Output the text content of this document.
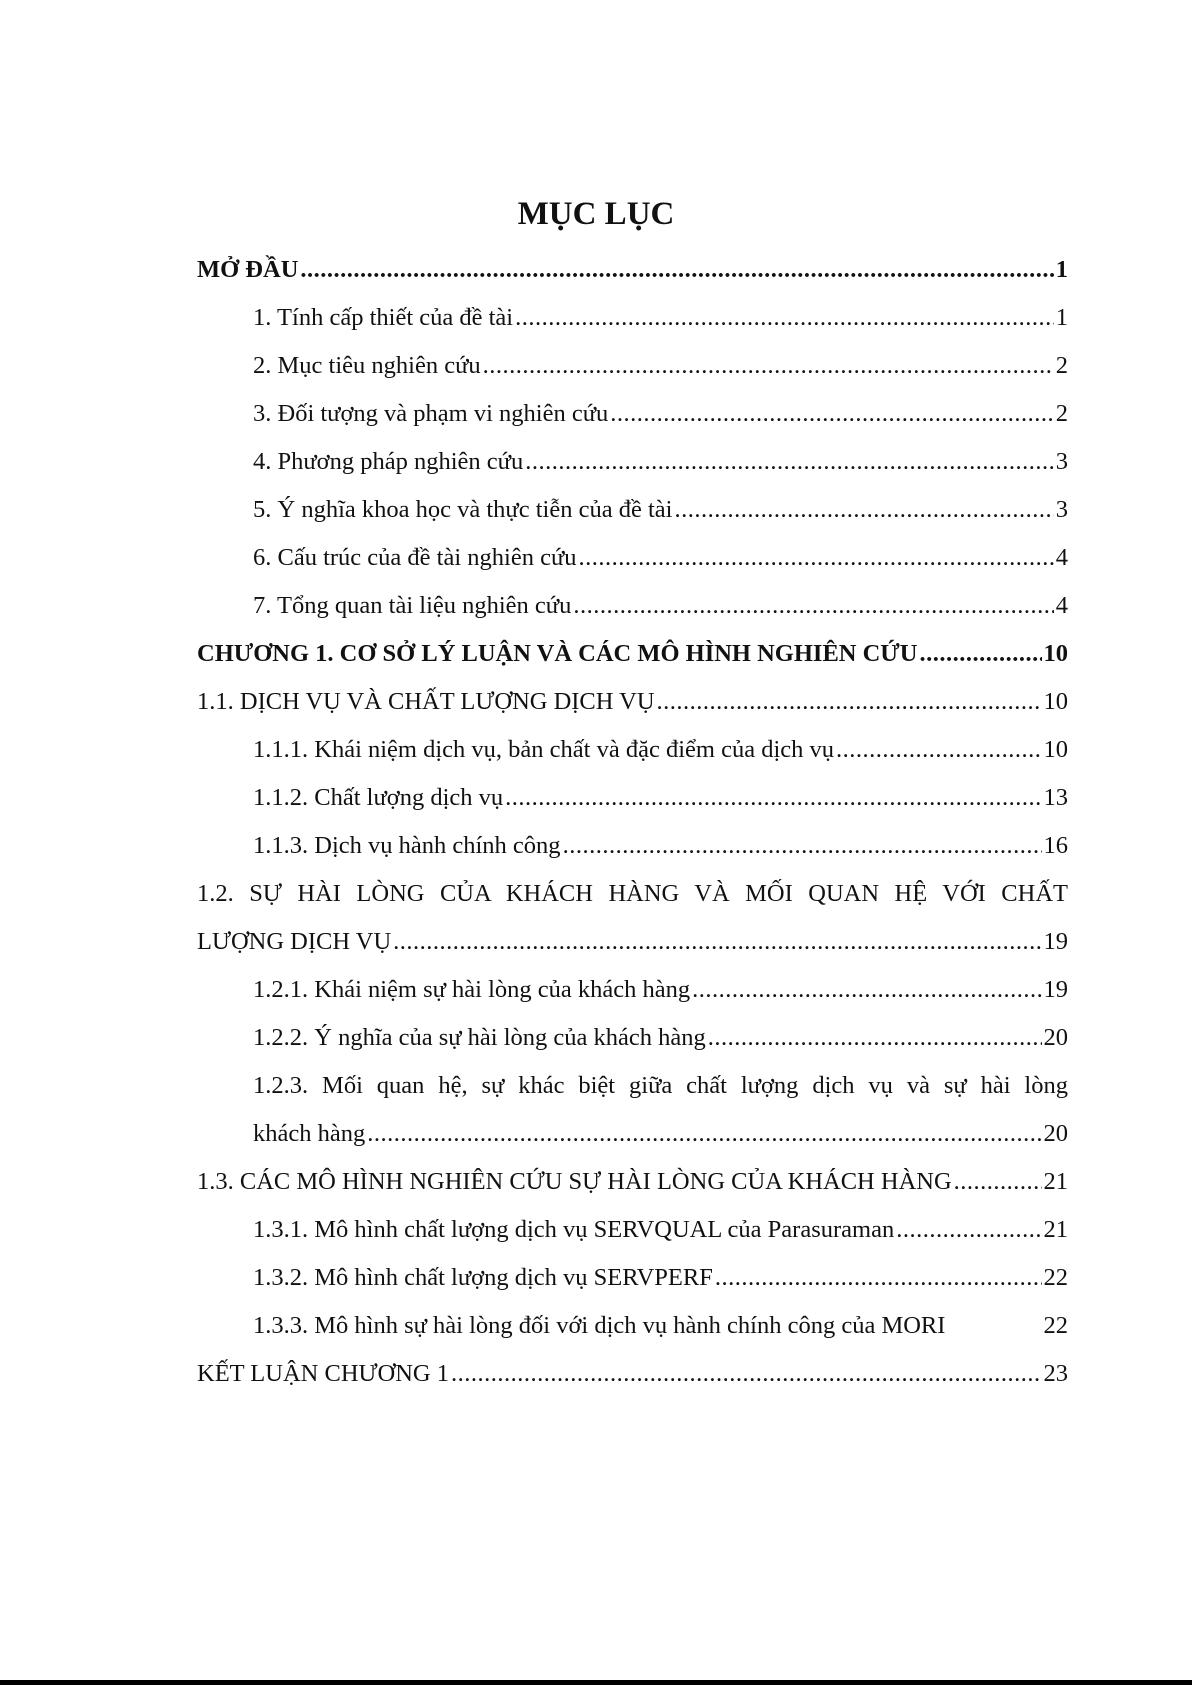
MỤC LỤC
MỞ ĐẦU .....	1
1. Tính cấp thiết của đề tài .....	1
2. Mục tiêu nghiên cứu .....	2
3. Đối tượng và phạm vi nghiên cứu .....	2
4. Phương pháp nghiên cứu .....	3
5. Ý nghĩa khoa học và thực tiễn của đề tài .....	3
6. Cấu trúc của đề tài nghiên cứu .....	4
7. Tổng quan tài liệu nghiên cứu .....	4
CHƯƠNG 1. CƠ SỞ LÝ LUẬN VÀ CÁC MÔ HÌNH NGHIÊN CỨU .....	10
1.1. DỊCH VỤ VÀ CHẤT LƯỢNG DỊCH VỤ .....	10
1.1.1. Khái niệm dịch vụ, bản chất và đặc điểm của dịch vụ .....	10
1.1.2. Chất lượng dịch vụ .....	13
1.1.3. Dịch vụ hành chính công .....	16
1.2. SỰ HÀI LÒNG CỦA KHÁCH HÀNG VÀ MỐI QUAN HỆ VỚI CHẤT
LƯỢNG DỊCH VỤ .....	19
1.2.1. Khái niệm sự hài lòng của khách hàng .....	19
1.2.2. Ý nghĩa của sự hài lòng của khách hàng .....	20
1.2.3. Mối quan hệ, sự khác biệt giữa chất lượng dịch vụ và sự hài lòng
khách hàng .....	20
1.3. CÁC MÔ HÌNH NGHIÊN CỨU SỰ HÀI LÒNG CỦA KHÁCH HÀNG .....	21
1.3.1. Mô hình chất lượng dịch vụ SERVQUAL của Parasuraman .....	21
1.3.2. Mô hình chất lượng dịch vụ SERVPERF .....	22
1.3.3. Mô hình sự hài lòng đối với dịch vụ hành chính công của MORI	22
KẾT LUẬN CHƯƠNG 1 .....	23
